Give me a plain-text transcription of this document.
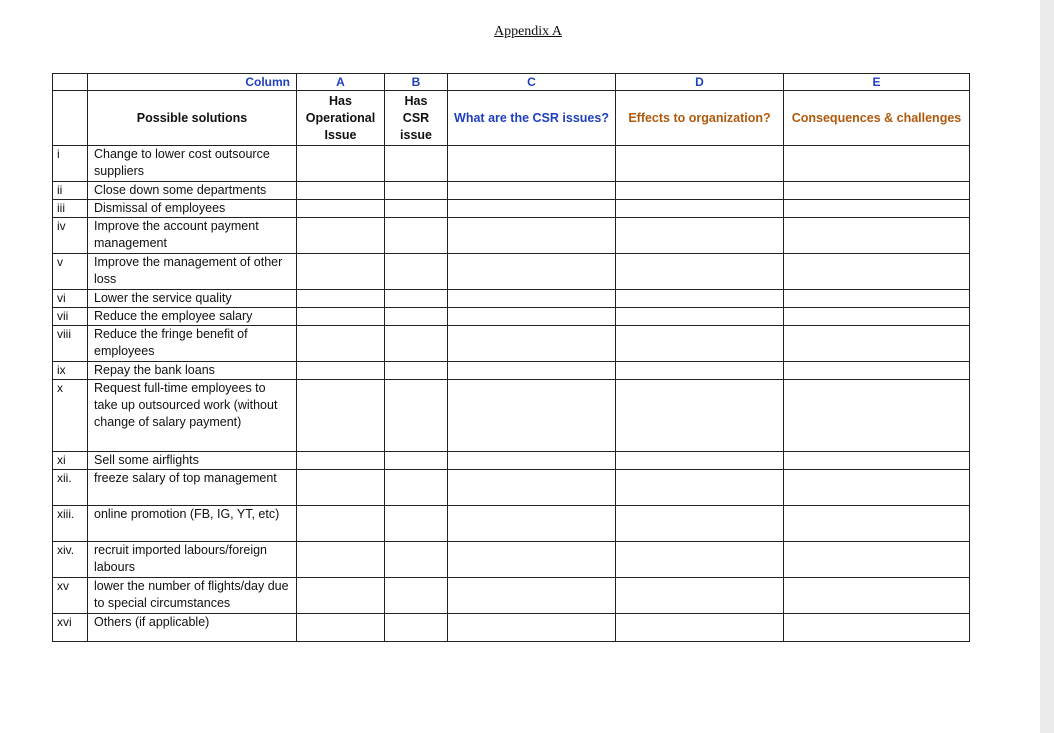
Appendix A
	Column	A	B	C	D	E
	Possible solutions	Has Operational Issue	Has CSR issue	What are the CSR issues?	Effects to organization?	Consequences & challenges
i	Change to lower cost outsource suppliers					
ii	Close down some departments					
iii	Dismissal of employees					
iv	Improve the account payment management					
v	Improve the management of other loss					
vi	Lower the service quality					
vii	Reduce the employee salary					
viii	Reduce the fringe benefit of employees					
ix	Repay the bank loans					
x	Request full-time employees to take up outsourced work (without change of salary payment)					
xi	Sell some airflights					
xii.	freeze salary of top management					
xiii.	online promotion (FB, IG, YT, etc)					
xiv.	recruit imported labours/foreign labours					
xv	lower the number of flights/day due to special circumstances					
xvi	Others (if applicable)					
